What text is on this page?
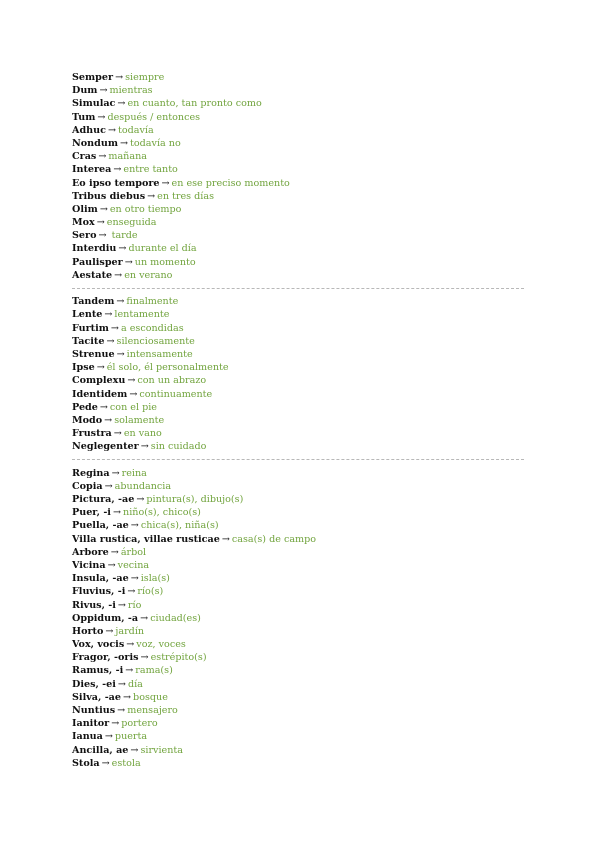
Semper → siempre
Dum → mientras
Simulac → en cuanto, tan pronto como
Tum → después / entonces
Adhuc → todavía
Nondum → todavía no
Cras → mañana
Interea → entre tanto
Eo ipso tempore → en ese preciso momento
Tribus diebus → en tres días
Olim → en otro tiempo
Mox → enseguida
Sero → tarde
Interdiu → durante el día
Paulisper → un momento
Aestate → en verano
Tandem → finalmente
Lente → lentamente
Furtim → a escondidas
Tacite → silenciosamente
Strenue → intensamente
Ipse → él solo, él personalmente
Complexu → con un abrazo
Identidem → continuamente
Pede → con el pie
Modo → solamente
Frustra → en vano
Neglegenter → sin cuidado
Regina → reina
Copia → abundancia
Pictura, -ae → pintura(s), dibujo(s)
Puer, -i → niño(s), chico(s)
Puella, -ae → chica(s), niña(s)
Villa rustica, villae rusticae → casa(s) de campo
Arbore → árbol
Vicina → vecina
Insula, -ae → isla(s)
Fluvius, -i → río(s)
Rivus, -i → río
Oppidum, -a → ciudad(es)
Horto → jardín
Vox, vocis → voz, voces
Fragor, -oris → estrépito(s)
Ramus, -i → rama(s)
Dies, -ei → día
Silva, -ae → bosque
Nuntius → mensajero
Ianitor → portero
Ianua → puerta
Ancilla, ae → sirvienta
Stola → estola
